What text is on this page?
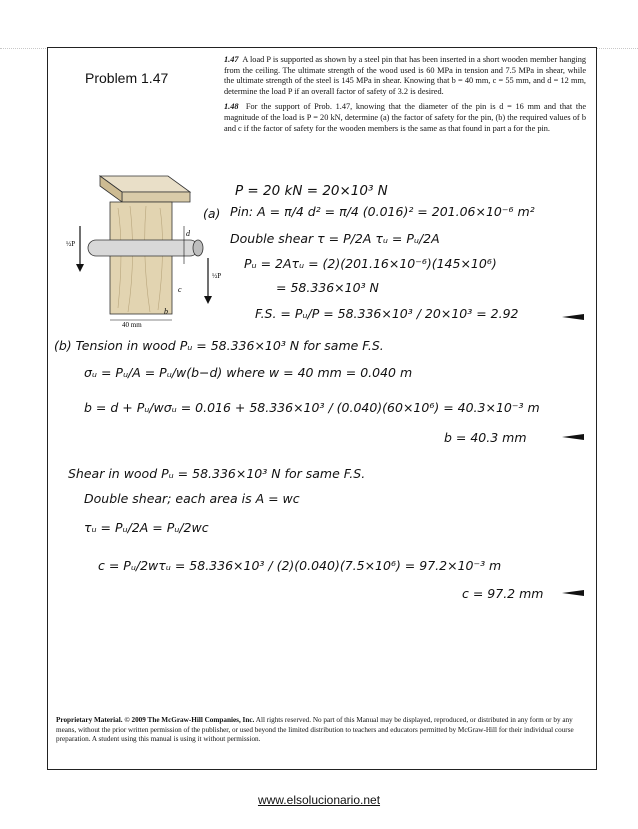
Problem 1.47

1.47 A load P is supported as shown by a steel pin that has been inserted in a short wooden member hanging from the ceiling. The ultimate strength of the wood used is 60 MPa in tension and 7.5 MPa in shear, while the ultimate strength of the steel is 145 MPa in shear. Knowing that b = 40 mm, c = 55 mm, and d = 12 mm, determine the load P if an overall factor of safety of 3.2 is desired.

1.48 For the support of Prob. 1.47, knowing that the diameter of the pin is d = 16 mm and that the magnitude of the load is P = 20 kN, determine (a) the factor of safety for the pin, (b) the required values of b and c if the factor of safety for the wooden members is the same as that found in part a for the pin.

½P
½P
d
c
b
40 mm
P = 20 kN = 20×10³ N
(a) Pin: A = π/4 d² = π/4 (0.016)² = 201.06×10⁻⁶ m²
Double shear τ = P/2A τᵤ = Pᵤ/2A
Pᵤ = 2Aτᵤ = (2)(201.16×10⁻⁶)(145×10⁶)
= 58.336×10³ N
F.S. = Pᵤ/P = 58.336×10³ / 20×10³ = 2.92
(b) Tension in wood Pᵤ = 58.336×10³ N for same F.S.
σᵤ = Pᵤ/A = Pᵤ/w(b−d) where w = 40 mm = 0.040 m
b = d + Pᵤ/wσᵤ = 0.016 + 58.336×10³ / (0.040)(60×10⁶) = 40.3×10⁻³ m
b = 40.3 mm
Shear in wood Pᵤ = 58.336×10³ N for same F.S.
Double shear; each area is A = wc
τᵤ = Pᵤ/2A = Pᵤ/2wc
c = Pᵤ/2wτᵤ = 58.336×10³ / (2)(0.040)(7.5×10⁶) = 97.2×10⁻³ m
c = 97.2 mm
Proprietary Material. © 2009 The McGraw-Hill Companies, Inc. All rights reserved. No part of this Manual may be displayed, reproduced, or distributed in any form or by any means, without the prior written permission of the publisher, or used beyond the limited distribution to teachers and educators permitted by McGraw-Hill for their individual course preparation. A student using this manual is using it without permission.
www.elsolucionario.net
